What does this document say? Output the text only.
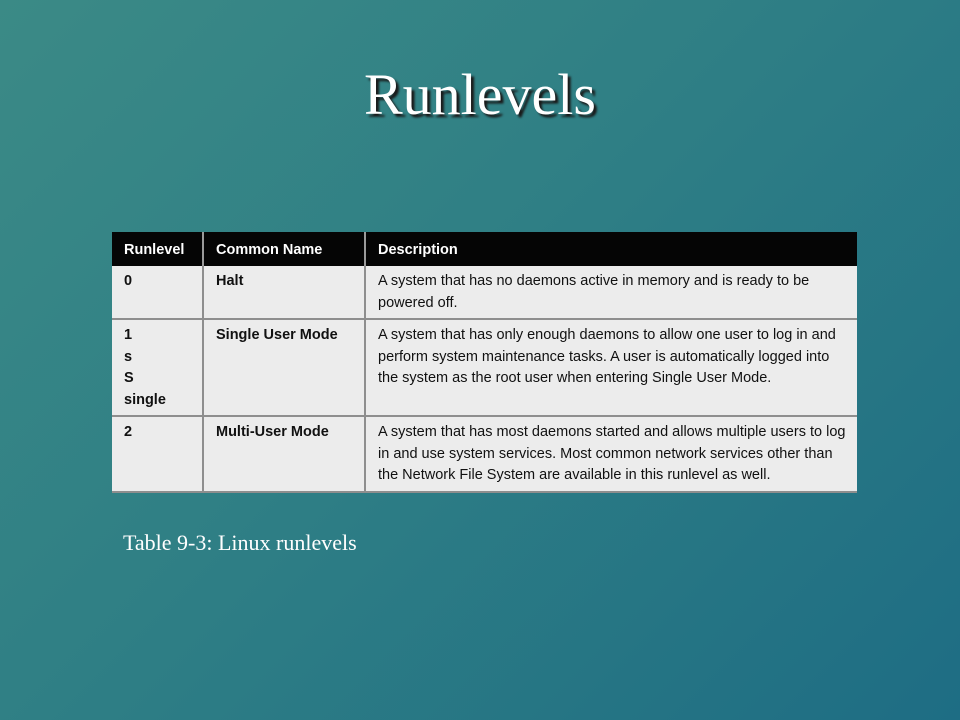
Runlevels
Runlevel	Common Name	Description

0	Halt	A system that has no daemons active in memory and is ready to be powered off.

1
s
S
single	Single User Mode	A system that has only enough daemons to allow one user to log in and perform system maintenance tasks. A user is automatically logged into the system as the root user when entering Single User Mode.

2	Multi-User Mode	A system that has most daemons started and allows multiple users to log in and use system services. Most common network services other than the Network File System are available in this runlevel as well.
Table 9-3: Linux runlevels
